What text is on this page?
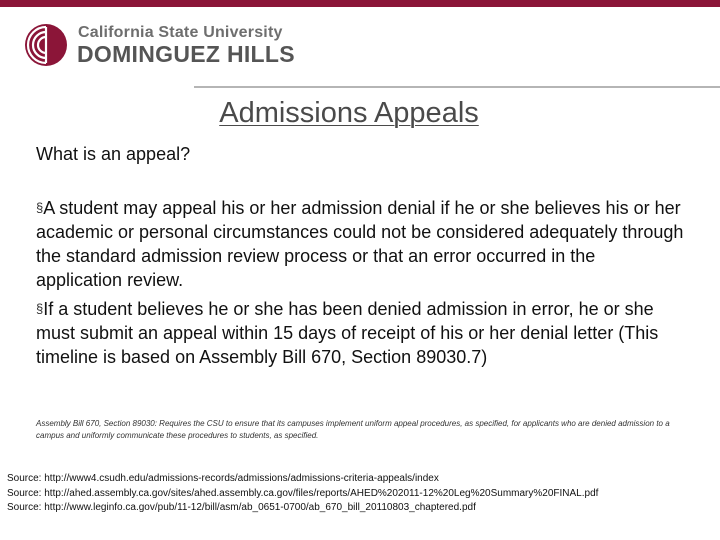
California State University
DOMINGUEZ HILLS
Admissions Appeals
What is an appeal?
§A student may appeal his or her admission denial if he or she believes his or her academic or personal circumstances could not be considered adequately through the standard admission review process or that an error occurred in the application review.
§If a student believes he or she has been denied admission in error, he or she must submit an appeal within 15 days of receipt of his or her denial letter (This timeline is based on Assembly Bill 670, Section 89030.7)
Assembly Bill 670, Section 89030: Requires the CSU to ensure that its campuses implement uniform appeal procedures, as specified, for applicants who are denied admission to a campus and uniformly communicate these procedures to students, as specified.

Source: http://www4.csudh.edu/admissions-records/admissions/admissions-criteria-appeals/index

Source: http://ahed.assembly.ca.gov/sites/ahed.assembly.ca.gov/files/reports/AHED%202011-12%20Leg%20Summary%20FINAL.pdf

Source: http://www.leginfo.ca.gov/pub/11-12/bill/asm/ab_0651-0700/ab_670_bill_20110803_chaptered.pdf
